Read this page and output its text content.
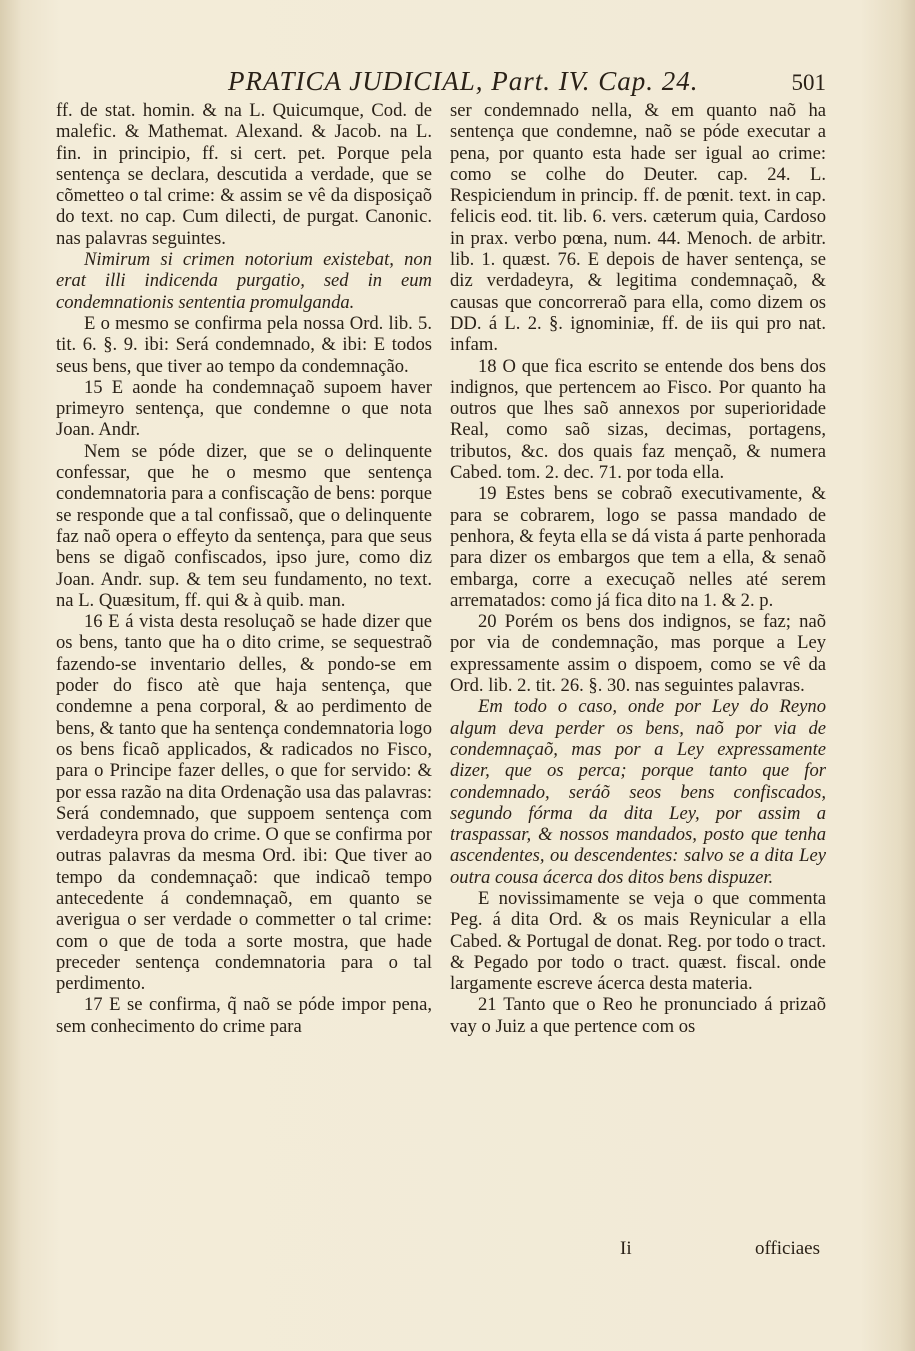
PRATICA JUDICIAL, Part. IV. Cap. 24.	501

ff. de stat. homin. & na L. Quicumque, Cod. de malefic. & Mathemat. Alexand. & Jacob. na L. fin. in principio, ff. si cert. pet. Porque pela sentença se declara, descutida a verdade, que se cõmetteo o tal crime: & assim se vê da disposiçaõ do text. no cap. Cum dilecti, de purgat. Canonic. nas palavras seguintes.

Nimirum si crimen notorium existebat, non erat illi indicenda purgatio, sed in eum condemnationis sententia promulganda.

E o mesmo se confirma pela nossa Ord. lib. 5. tit. 6. §. 9. ibi: Será condemnado, & ibi: E todos seus bens, que tiver ao tempo da condemnação.

15 E aonde ha condemnaçaõ supoem haver primeyro sentença, que condemne o que nota Joan. Andr.

Nem se póde dizer, que se o delinquente confessar, que he o mesmo que sentença condemnatoria para a confiscação de bens: porque se responde que a tal confissaõ, que o delinquente faz naõ opera o effeyto da sentença, para que seus bens se digaõ confiscados, ipso jure, como diz Joan. Andr. sup. & tem seu fundamento, no text. na L. Quæsitum, ff. qui & à quib. man.

16 E á vista desta resoluçaõ se hade dizer que os bens, tanto que ha o dito crime, se sequestraõ fazendo-se inventario delles, & pondo-se em poder do fisco atè que haja sentença, que condemne a pena corporal, & ao perdimento de bens, & tanto que ha sentença condemnatoria logo os bens ficaõ applicados, & radicados no Fisco, para o Principe fazer delles, o que for servido: & por essa razão na dita Ordenação usa das palavras: Será condemnado, que suppoem sentença com verdadeyra prova do crime. O que se confirma por outras palavras da mesma Ord. ibi: Que tiver ao tempo da condemnaçaõ: que indicaõ tempo antecedente á condemnaçaõ, em quanto se averigua o ser verdade o commetter o tal crime: com o que de toda a sorte mostra, que hade preceder sentença condemnatoria para o tal perdimento.

17 E se confirma, q̃ naõ se póde impor pena, sem conhecimento do crime para

ser condemnado nella, & em quanto naõ ha sentença que condemne, naõ se póde executar a pena, por quanto esta hade ser igual ao crime: como se colhe do Deuter. cap. 24. L. Respiciendum in princip. ff. de pœnit. text. in cap. felicis eod. tit. lib. 6. vers. cæterum quia, Cardoso in prax. verbo pœna, num. 44. Menoch. de arbitr. lib. 1. quæst. 76. E depois de haver sentença, se diz verdadeyra, & legitima condemnaçaõ, & causas que concorreraõ para ella, como dizem os DD. á L. 2. §. ignominiæ, ff. de iis qui pro nat. infam.

18 O que fica escrito se entende dos bens dos indignos, que pertencem ao Fisco. Por quanto ha outros que lhes saõ annexos por superioridade Real, como saõ sizas, decimas, portagens, tributos, &c. dos quais faz mençaõ, & numera Cabed. tom. 2. dec. 71. por toda ella.

19 Estes bens se cobraõ executivamente, & para se cobrarem, logo se passa mandado de penhora, & feyta ella se dá vista á parte penhorada para dizer os embargos que tem a ella, & senaõ embarga, corre a execuçaõ nelles até serem arrematados: como já fica dito na 1. & 2. p.

20 Porém os bens dos indignos, se faz; naõ por via de condemnação, mas porque a Ley expressamente assim o dispoem, como se vê da Ord. lib. 2. tit. 26. §. 30. nas seguintes palavras.

Em todo o caso, onde por Ley do Reyno algum deva perder os bens, naõ por via de condemnaçaõ, mas por a Ley expressamente dizer, que os perca; porque tanto que for condemnado, seráõ seos bens confiscados, segundo fórma da dita Ley, por assim a traspassar, & nossos mandados, posto que tenha ascendentes, ou descendentes: salvo se a dita Ley outra cousa ácerca dos ditos bens dispuzer.

E novissimamente se veja o que commenta Peg. á dita Ord. & os mais Reynicular a ella Cabed. & Portugal de donat. Reg. por todo o tract. & Pegado por todo o tract. quæst. fiscal. onde largamente escreve ácerca desta materia.

21 Tanto que o Reo he pronunciado á prizaõ vay o Juiz a que pertence com os

Ii	officiaes
